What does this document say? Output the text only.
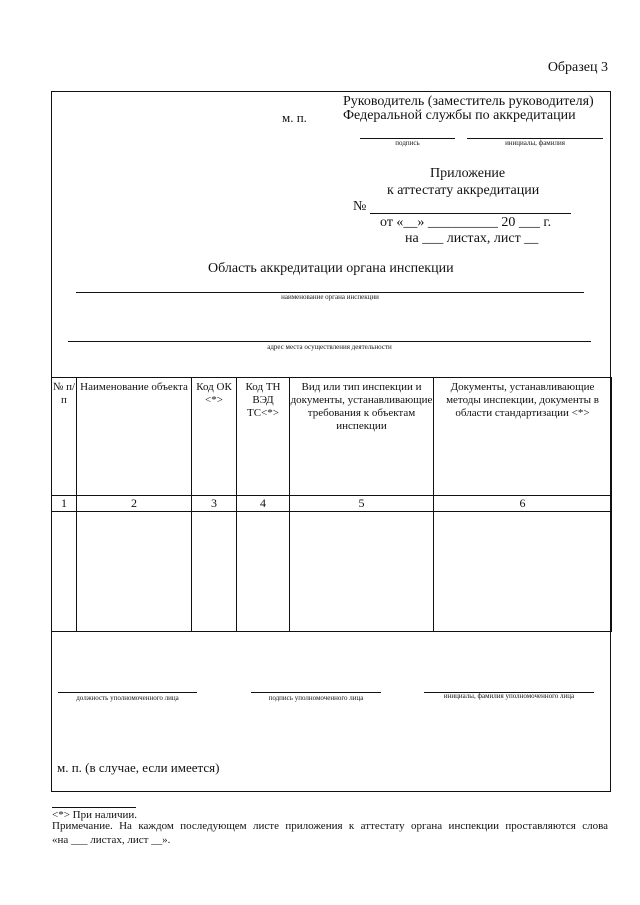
Образец 3
Руководитель (заместитель руководителя)
м. п.	Федеральной службы по аккредитации
подпись	инициалы, фамилия
Приложение
к аттестату аккредитации
№
от «__» __________ 20 ___ г.
на ___ листах, лист __
Область аккредитации органа инспекции
наименование органа инспекции
адрес места осуществления деятельности
№ п/ п	Наименование объекта	Код ОК <*>	Код ТН ВЭД ТС<*>	Вид или тип инспекции и документы, устанавливающие требования к объектам инспекции	Документы, устанавливающие методы инспекции, документы в области стандартизации <*>
1	2	3	4	5	6

должность уполномоченного лица	подпись уполномоченного лица	инициалы, фамилия уполномоченного лица
м. п. (в случае, если имеется)
<*> При наличии.
Примечание. На каждом последующем листе приложения к аттестату органа инспекции проставляются слова
«на ___ листах, лист __».
